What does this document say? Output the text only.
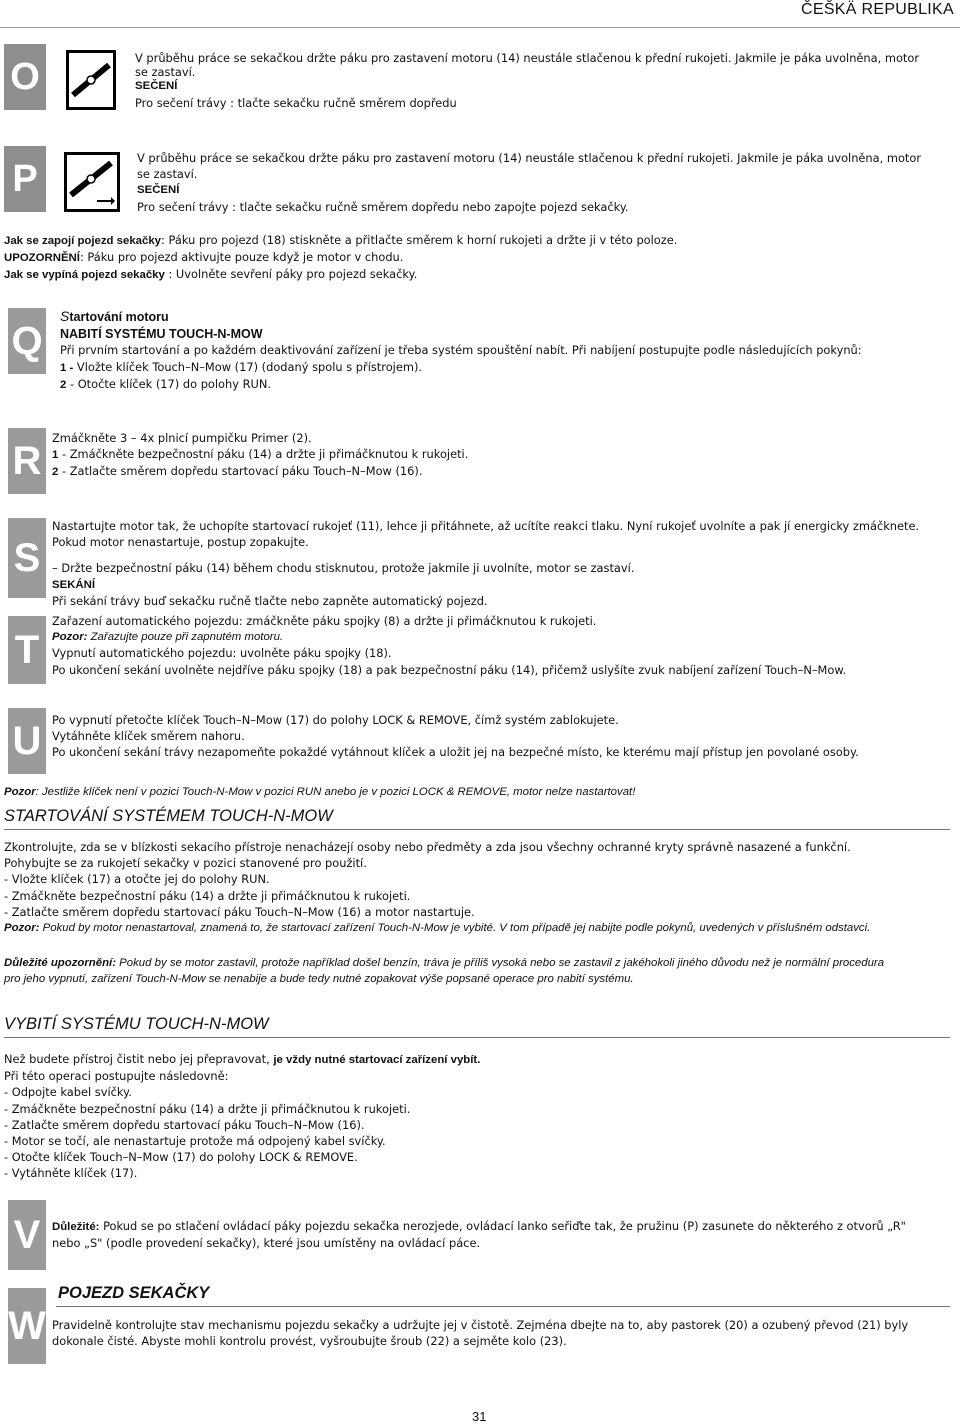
ČEŠKÄ REPUBLIKA
O	V průběhu práce se sekačkou držte páku pro zastavení motoru (14) neustále stlačenou k přední rukojeti. Jakmile je páka uvolněna, motor
se zastaví.
SEČENÍ
Pro sečení trávy : tlačte sekačku ručně směrem dopředu
P	V průběhu práce se sekačkou držte páku pro zastavení motoru (14) neustále stlačenou k přední rukojeti. Jakmile je páka uvolněna, motor
se zastaví.
SEČENÍ
Pro sečení trávy : tlačte sekačku ručně směrem dopředu nebo zapojte pojezd sekačky.
Jak se zapojí pojezd sekačky: Páku pro pojezd (18) stiskněte a přitlačte směrem k horní rukojeti a držte ji v této poloze.
UPOZORNĚNÍ: Páku pro pojezd aktivujte pouze když je motor v chodu.
Jak se vypíná pojezd sekačky : Uvolněte sevření páky pro pojezd sekačky.
Q
Startování motoru
NABITÍ SYSTÉMU TOUCH-N-MOW
Při prvním startování a po každém deaktivování zařízení je třeba systém spouštění nabít. Při nabíjení postupujte podle následujících pokynů:
1 - Vložte klíček Touch–N–Mow (17) (dodaný spolu s přístrojem).
2 - Otočte klíček (17) do polohy RUN.
R
Zmáčkněte 3 – 4x plnicí pumpičku Primer (2).
1 - Zmáčkněte bezpečnostní páku (14) a držte ji přimáčknutou k rukojeti.
2 - Zatlačte směrem dopředu startovací páku Touch–N–Mow (16).
S
Nastartujte motor tak, že uchopíte startovací rukojeť (11), lehce ji přitáhnete, až ucítíte reakci tlaku. Nyní rukojeť uvolníte a pak jí energicky zmáčknete.
Pokud motor nenastartuje, postup zopakujte.
– Držte bezpečnostní páku (14) během chodu stisknutou, protože jakmile ji uvolníte, motor se zastaví.
SEKÁNÍ
Při sekání trávy buď sekačku ručně tlačte nebo zapněte automatický pojezd.
T
Zařazení automatického pojezdu: zmáčkněte páku spojky (8) a držte ji přimáčknutou k rukojeti.
Pozor: Zařazujte pouze při zapnutém motoru.
Vypnutí automatického pojezdu: uvolněte páku spojky (18).
Po ukončení sekání uvolněte nejdříve páku spojky (18) a pak bezpečnostní páku (14), přičemž uslyšíte zvuk nabíjení zařízení Touch–N–Mow.
U Po vypnutí přetočte klíček Touch–N–Mow (17) do polohy LOCK & REMOVE, čímž systém zablokujete.
Vytáhněte klíček směrem nahoru.
Po ukončení sekání trávy nezapomeňte pokaždé vytáhnout klíček a uložit jej na bezpečné místo, ke kterému mají přístup jen povolané osoby.
Pozor: Jestliže klíček není v pozici Touch-N-Mow v pozici RUN anebo je v pozici LOCK & REMOVE, motor nelze nastartovat!
STARTOVÁNÍ SYSTÉMEM TOUCH-N-MOW
Zkontrolujte, zda se v blízkosti sekacího přístroje nenacházejí osoby nebo předměty a zda jsou všechny ochranné kryty správně nasazené a funkční.
Pohybujte se za rukojetí sekačky v pozici stanovené pro použití.
- Vložte klíček (17) a otočte jej do polohy RUN.
- Zmáčkněte bezpečnostní páku (14) a držte ji přimáčknutou k rukojeti.
- Zatlačte směrem dopředu startovací páku Touch–N–Mow (16) a motor nastartuje.
Pozor: Pokud by motor nenastartoval, znamená to, že startovací zařízení Touch-N-Mow je vybité. V tom případě jej nabijte podle pokynů, uvedených v příslušném odstavci.
Důležité upozornění: Pokud by se motor zastavil, protože například došel benzín, tráva je příliš vysoká nebo se zastavil z jakéhokoli jiného důvodu než je normální procedura
pro jeho vypnutí, zařízení Touch-N-Mow se nenabije a bude tedy nutné zopakovat výše popsané operace pro nabití systému.
VYBITÍ SYSTÉMU TOUCH-N-MOW
Než budete přístroj čistit nebo jej přepravovat, je vždy nutné startovací zařízení vybít.
Při této operaci postupujte následovně:
- Odpojte kabel svíčky.
- Zmáčkněte bezpečnostní páku (14) a držte ji přimáčknutou k rukojeti.
- Zatlačte směrem dopředu startovací páku Touch–N–Mow (16).
- Motor se točí, ale nenastartuje protože má odpojený kabel svíčky.
- Otočte klíček Touch–N–Mow (17) do polohy LOCK & REMOVE.
- Vytáhněte klíček (17).
V	Důležité: Pokud se po stlačení ovládací páky pojezdu sekačka nerozjede, ovládací lanko seřiďte tak, že pružinu (P) zasunete do některého z otvorů „R"
nebo „S" (podle provedení sekačky), které jsou umístěny na ovládací páce.
W
POJEZD SEKAČKY
Pravidelně kontrolujte stav mechanismu pojezdu sekačky a udržujte jej v čistotě. Zejména dbejte na to, aby pastorek (20) a ozubený převod (21) byly
dokonale čisté. Abyste mohli kontrolu provést, vyšroubujte šroub (22) a sejměte kolo (23).
31
